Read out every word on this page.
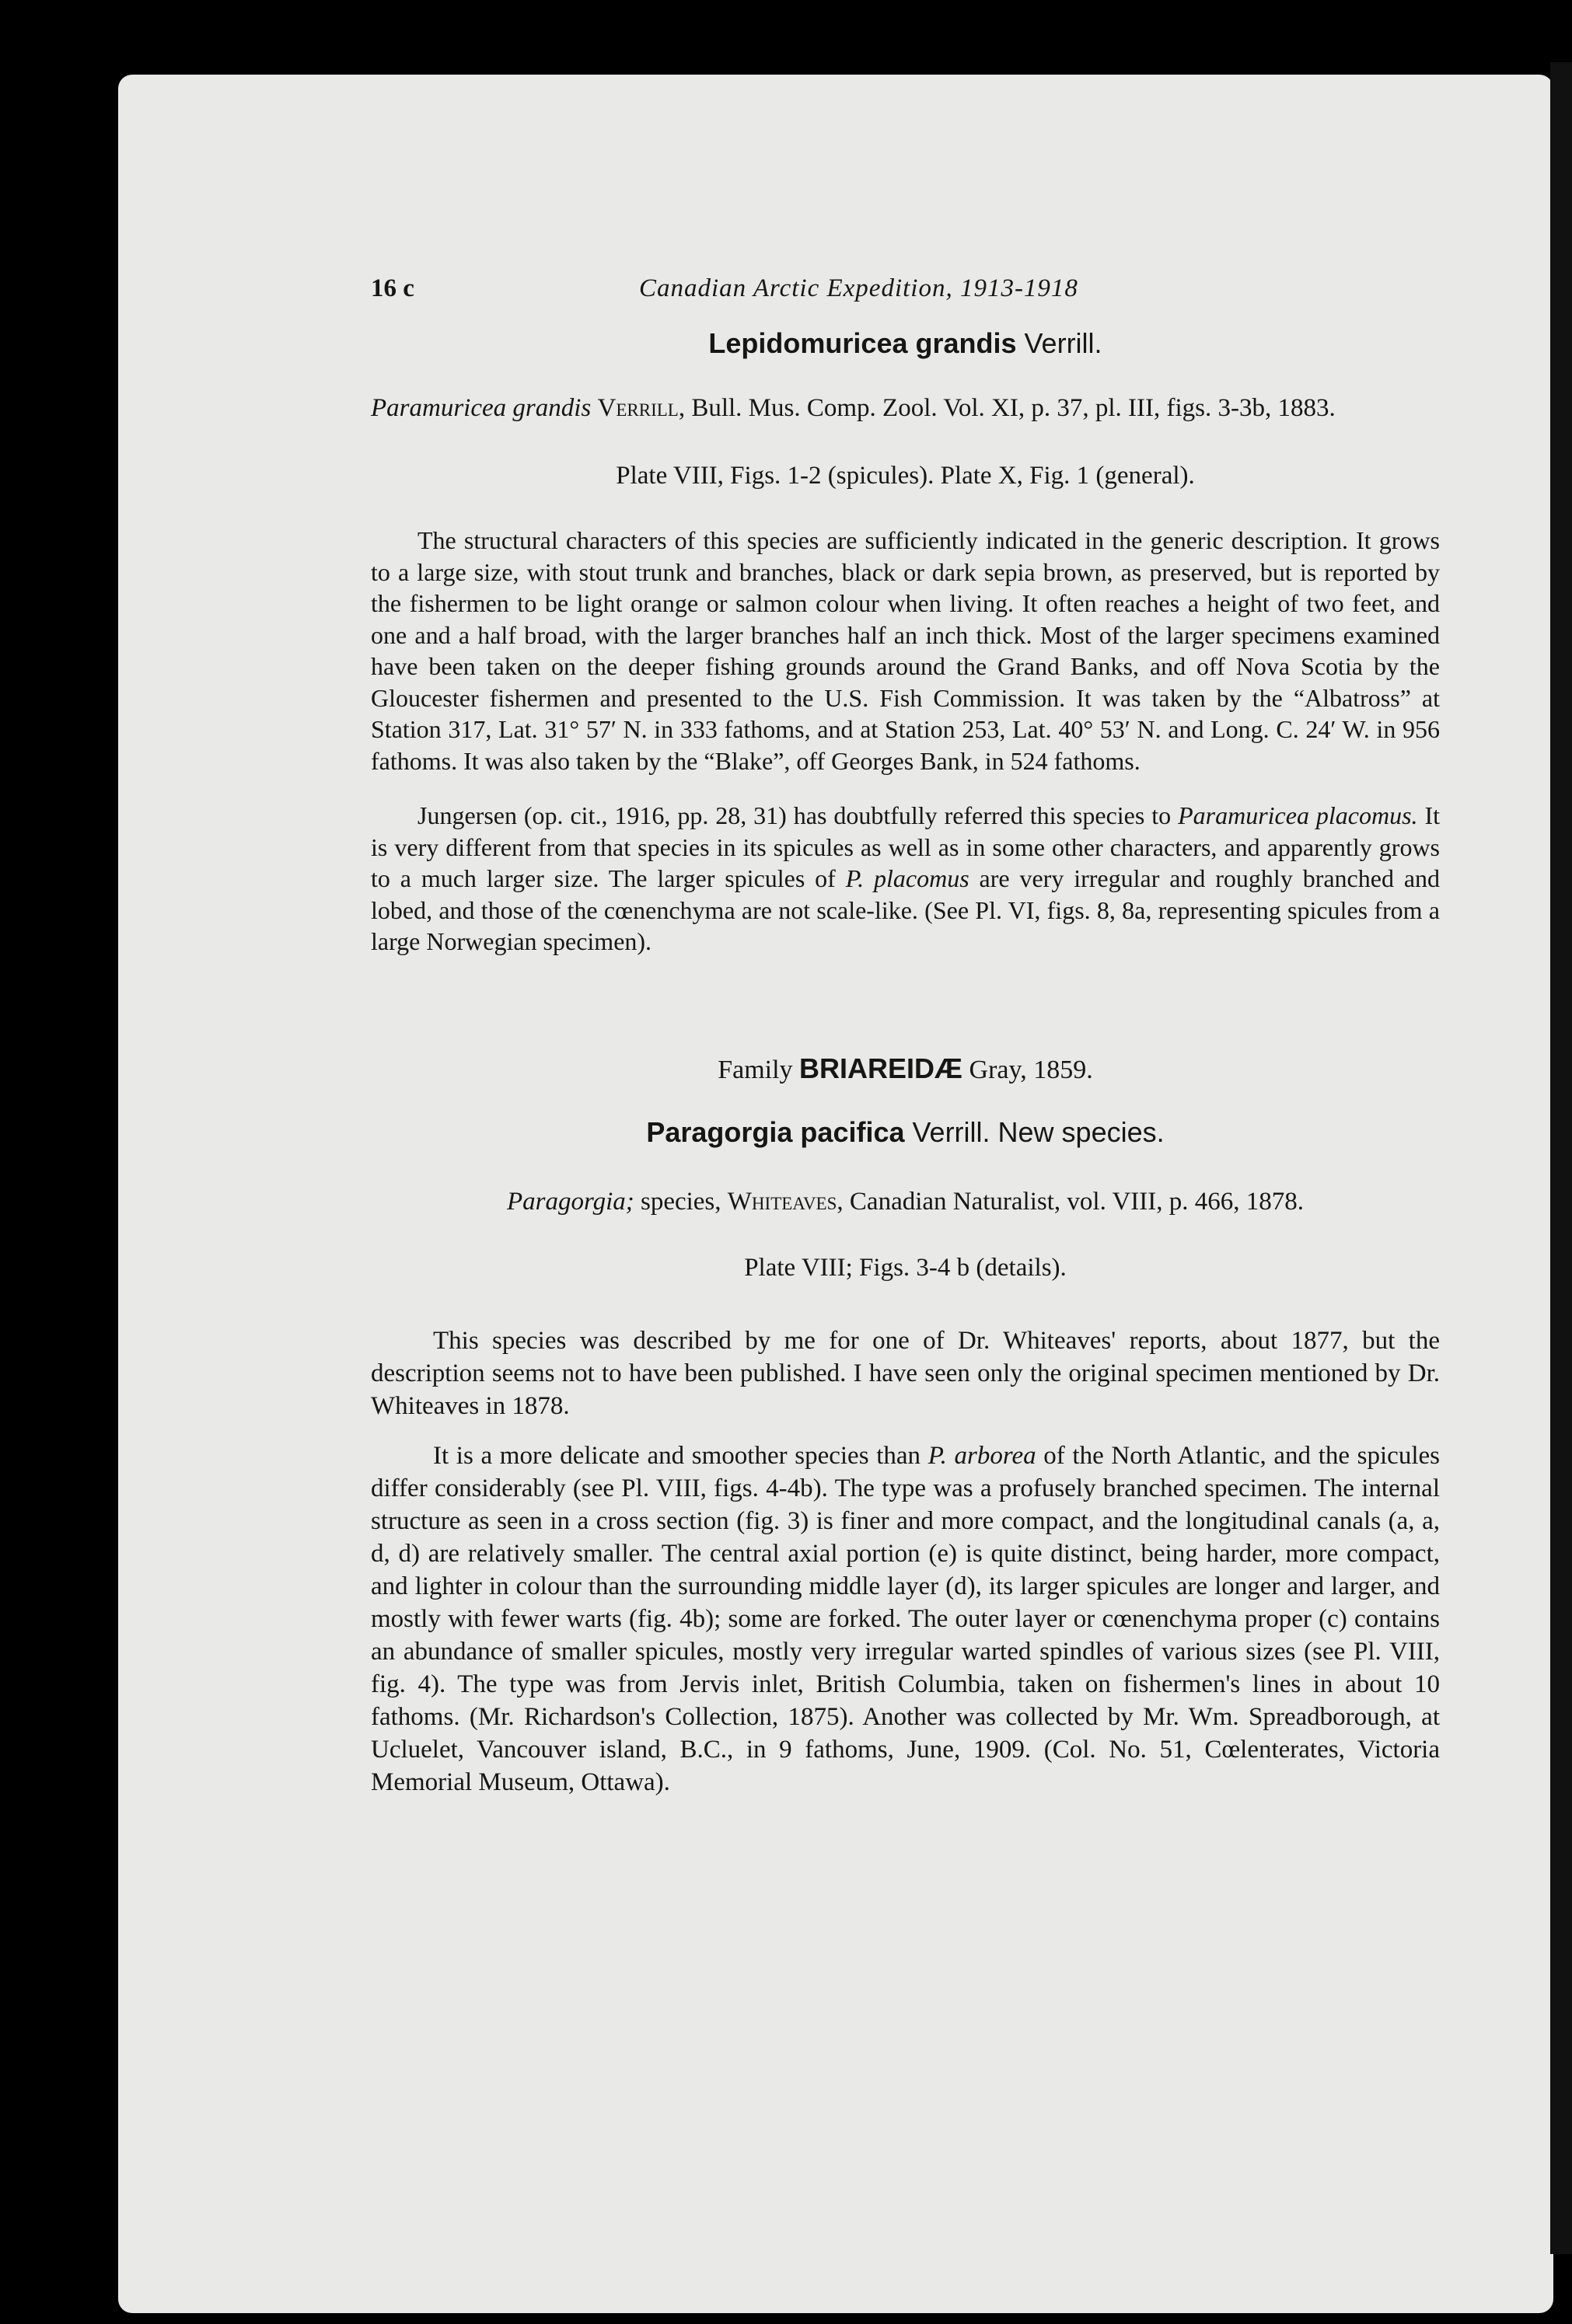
16 c	Canadian Arctic Expedition, 1913-1918
Lepidomuricea grandis Verrill.

Paramuricea grandis Verrill, Bull. Mus. Comp. Zool. Vol. XI, p. 37, pl. III, figs. 3-3b, 1883.

Plate VIII, Figs. 1-2 (spicules). Plate X, Fig. 1 (general).

The structural characters of this species are sufficiently indicated in the generic description. It grows to a large size, with stout trunk and branches, black or dark sepia brown, as preserved, but is reported by the fishermen to be light orange or salmon colour when living. It often reaches a height of two feet, and one and a half broad, with the larger branches half an inch thick. Most of the larger specimens examined have been taken on the deeper fishing grounds around the Grand Banks, and off Nova Scotia by the Gloucester fishermen and presented to the U.S. Fish Commission. It was taken by the “Albatross” at Station 317, Lat. 31° 57′ N. in 333 fathoms, and at Station 253, Lat. 40° 53′ N. and Long. C. 24′ W. in 956 fathoms. It was also taken by the “Blake”, off Georges Bank, in 524 fathoms.

Jungersen (op. cit., 1916, pp. 28, 31) has doubtfully referred this species to Paramuricea placomus. It is very different from that species in its spicules as well as in some other characters, and apparently grows to a much larger size. The larger spicules of P. placomus are very irregular and roughly branched and lobed, and those of the cœnenchyma are not scale-like. (See Pl. VI, figs. 8, 8a, representing spicules from a large Norwegian specimen).

Family BRIAREIDÆ Gray, 1859.
Paragorgia pacifica Verrill. New species.

Paragorgia; species, Whiteaves, Canadian Naturalist, vol. VIII, p. 466, 1878.

Plate VIII; Figs. 3-4 b (details).

This species was described by me for one of Dr. Whiteaves' reports, about 1877, but the description seems not to have been published. I have seen only the original specimen mentioned by Dr. Whiteaves in 1878.

It is a more delicate and smoother species than P. arborea of the North Atlantic, and the spicules differ considerably (see Pl. VIII, figs. 4-4b). The type was a profusely branched specimen. The internal structure as seen in a cross section (fig. 3) is finer and more compact, and the longitudinal canals (a, a, d, d) are relatively smaller. The central axial portion (e) is quite distinct, being harder, more compact, and lighter in colour than the surrounding middle layer (d), its larger spicules are longer and larger, and mostly with fewer warts (fig. 4b); some are forked. The outer layer or cœnenchyma proper (c) contains an abundance of smaller spicules, mostly very irregular warted spindles of various sizes (see Pl. VIII, fig. 4). The type was from Jervis inlet, British Columbia, taken on fishermen's lines in about 10 fathoms. (Mr. Richardson's Collection, 1875). Another was collected by Mr. Wm. Spreadborough, at Ucluelet, Vancouver island, B.C., in 9 fathoms, June, 1909. (Col. No. 51, Cœlenterates, Victoria Memorial Museum, Ottawa).
